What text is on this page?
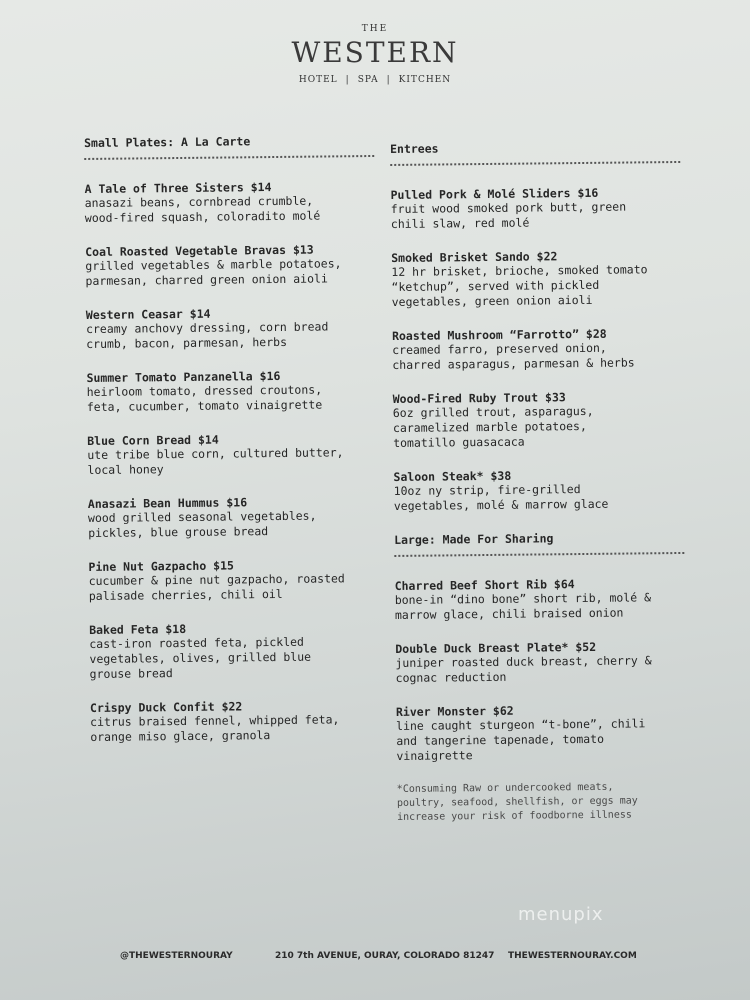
THE
WESTERN
HOTEL | SPA | KITCHEN
Small Plates: A La Carte
A Tale of Three Sisters $14
anasazi beans, cornbread crumble,
wood-fired squash, coloradito molé
Coal Roasted Vegetable Bravas $13
grilled vegetables & marble potatoes,
parmesan, charred green onion aioli
Western Ceasar $14
creamy anchovy dressing, corn bread
crumb, bacon, parmesan, herbs
Summer Tomato Panzanella $16
heirloom tomato, dressed croutons,
feta, cucumber, tomato vinaigrette
Blue Corn Bread $14
ute tribe blue corn, cultured butter,
local honey
Anasazi Bean Hummus $16
wood grilled seasonal vegetables,
pickles, blue grouse bread
Pine Nut Gazpacho $15
cucumber & pine nut gazpacho, roasted
palisade cherries, chili oil
Baked Feta $18
cast-iron roasted feta, pickled
vegetables, olives, grilled blue
grouse bread
Crispy Duck Confit $22
citrus braised fennel, whipped feta,
orange miso glace, granola
Entrees
Pulled Pork & Molé Sliders $16
fruit wood smoked pork butt, green
chili slaw, red molé
Smoked Brisket Sando $22
12 hr brisket, brioche, smoked tomato
“ketchup”, served with pickled
vegetables, green onion aioli
Roasted Mushroom “Farrotto” $28
creamed farro, preserved onion,
charred asparagus, parmesan & herbs
Wood-Fired Ruby Trout $33
6oz grilled trout, asparagus,
caramelized marble potatoes,
tomatillo guasacaca
Saloon Steak* $38
10oz ny strip, fire-grilled
vegetables, molé & marrow glace
Large: Made For Sharing
Charred Beef Short Rib $64
bone-in “dino bone” short rib, molé &
marrow glace, chili braised onion
Double Duck Breast Plate* $52
juniper roasted duck breast, cherry &
cognac reduction
River Monster $62
line caught sturgeon “t-bone”, chili
and tangerine tapenade, tomato
vinaigrette
*Consuming Raw or undercooked meats,
poultry, seafood, shellfish, or eggs may
increase your risk of foodborne illness
menupix
@THEWESTERNOURAY	210 7th AVENUE, OURAY, COLORADO 81247 THEWESTERNOURAY.COM
